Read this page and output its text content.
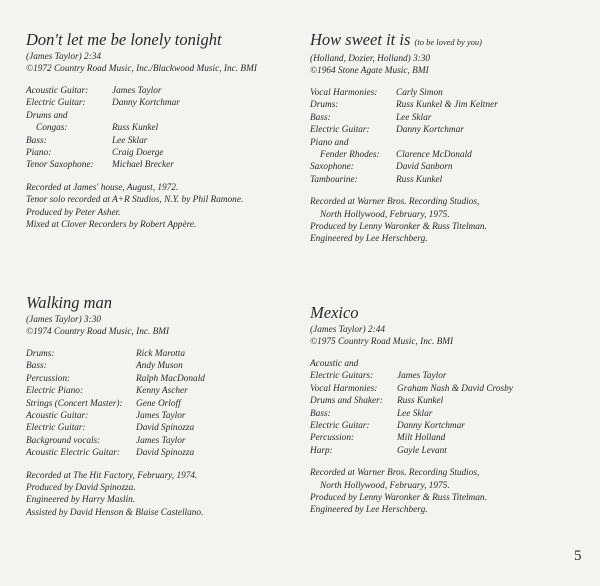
Don't let me be lonely tonight
(James Taylor) 2:34
©1972 Country Road Music, Inc./Blackwood Music, Inc. BMI
Acoustic Guitar:	James Taylor
Electric Guitar:	Danny Kortchmar
Drums and
Congas:	Russ Kunkel
Bass:	Lee Sklar
Piano:	Craig Doerge
Tenor Saxophone:	Michael Brecker
Recorded at James' house, August, 1972.
Tenor solo recorded at A+R Studios, N.Y. by Phil Ramone.
Produced by Peter Asher.
Mixed at Clover Recorders by Robert Appère.
Walking man
(James Taylor) 3:30
©1974 Country Road Music, Inc. BMI
Drums:	Rick Marotta
Bass:	Andy Muson
Percussion:	Ralph MacDonald
Electric Piano:	Kenny Ascher
Strings (Concert Master):	Gene Orloff
Acoustic Guitar:	James Taylor
Electric Guitar:	David Spinozza
Background vocals:	James Taylor
Acoustic Electric Guitar:	David Spinozza
Recorded at The Hit Factory, February, 1974.
Produced by David Spinozza.
Engineered by Harry Maslin.
Assisted by David Henson & Blaise Castellano.
How sweet it is (to be loved by you)
(Holland, Dozier, Holland) 3:30
©1964 Stone Agate Music, BMI
Vocal Harmonies:	Carly Simon
Drums:	Russ Kunkel & Jim Keltner
Bass:	Lee Sklar
Electric Guitar:	Danny Kortchmar
Piano and
Fender Rhodes:	Clarence McDonald
Saxophone:	David Sanborn
Tambourine:	Russ Kunkel
Recorded at Warner Bros. Recording Studios,
North Hollywood, February, 1975.
Produced by Lenny Waronker & Russ Titelman.
Engineered by Lee Herschberg.
Mexico
(James Taylor) 2:44
©1975 Country Road Music, Inc. BMI
Acoustic and
Electric Guitars:	James Taylor
Vocal Harmonies:	Graham Nash & David Crosby
Drums and Shaker:	Russ Kunkel
Bass:	Lee Sklar
Electric Guitar:	Danny Kortchmar
Percussion:	Milt Holland
Harp:	Gayle Levant
Recorded at Warner Bros. Recording Studios,
North Hollywood, February, 1975.
Produced by Lenny Waronker & Russ Titelman.
Engineered by Lee Herschberg.
5
